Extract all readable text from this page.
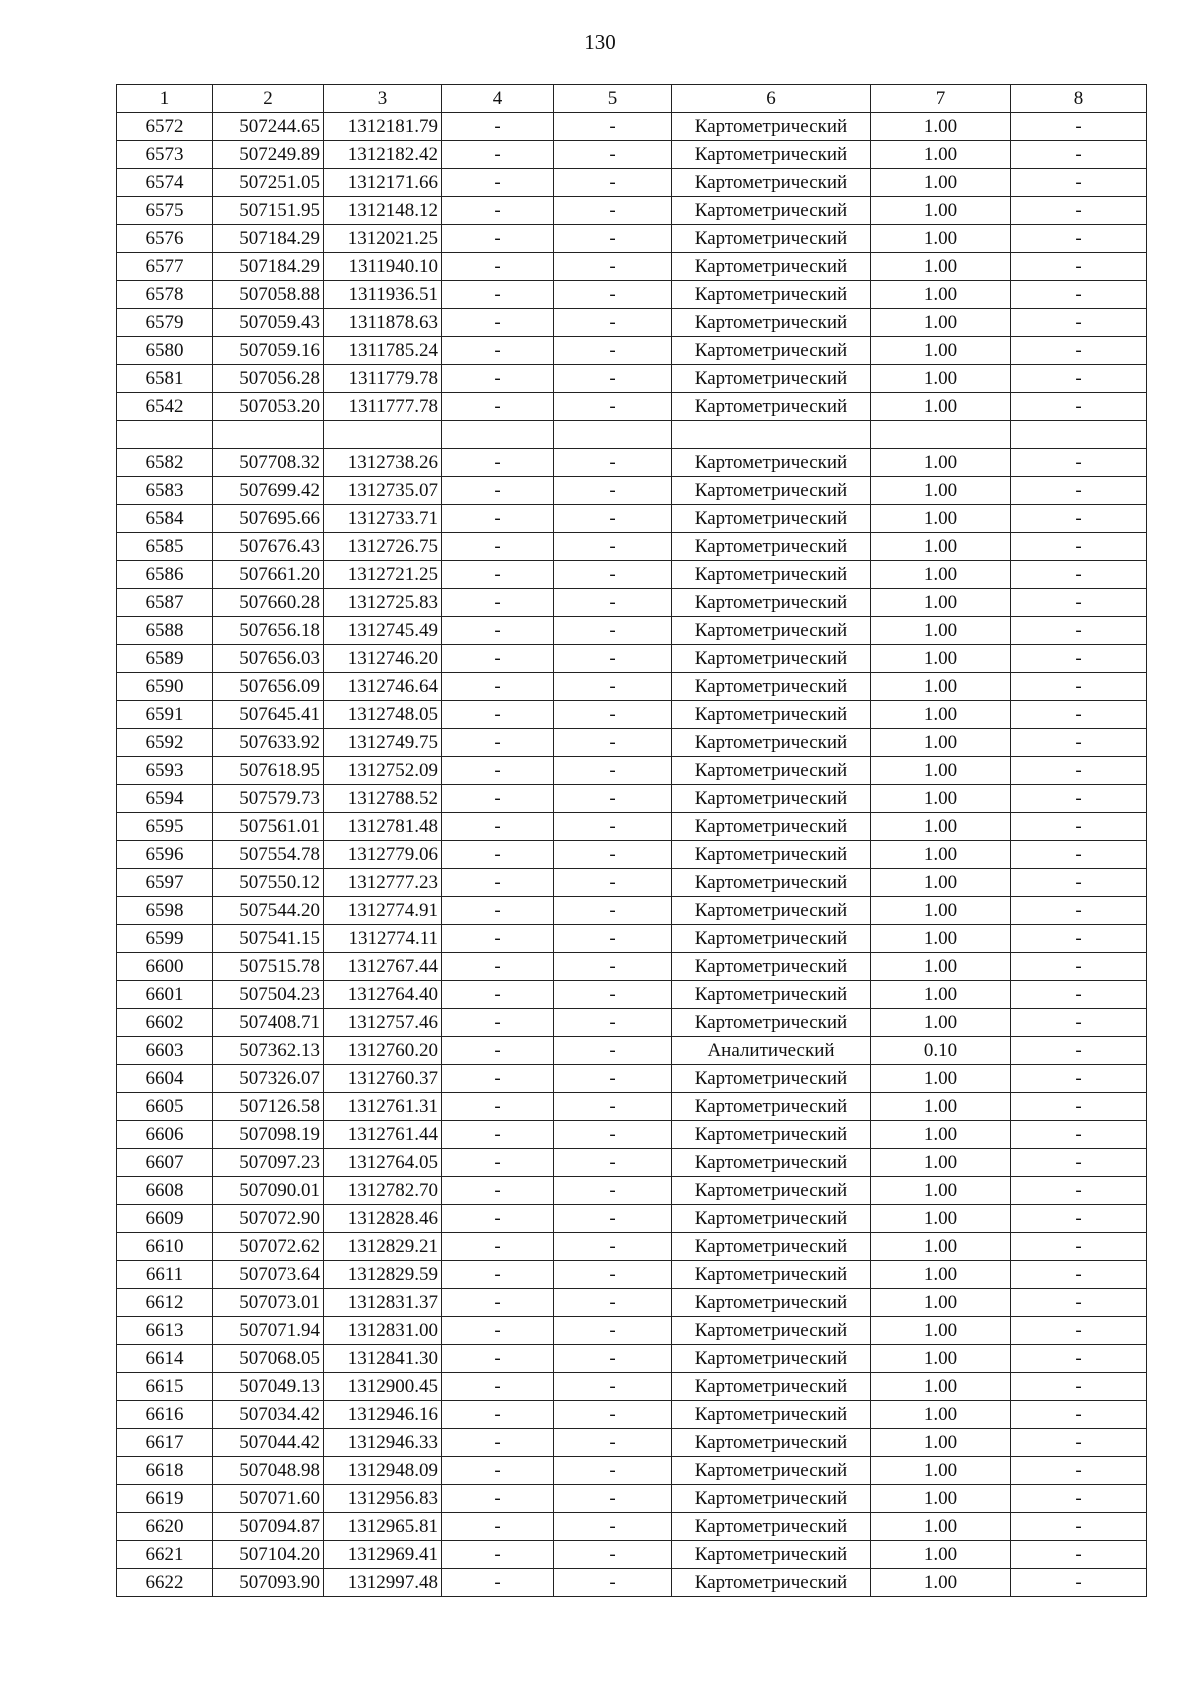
130
1	2	3	4	5	6	7	8
6572	507244.65	1312181.79	-	-	Картометрический	1.00	-
6573	507249.89	1312182.42	-	-	Картометрический	1.00	-
6574	507251.05	1312171.66	-	-	Картометрический	1.00	-
6575	507151.95	1312148.12	-	-	Картометрический	1.00	-
6576	507184.29	1312021.25	-	-	Картометрический	1.00	-
6577	507184.29	1311940.10	-	-	Картометрический	1.00	-
6578	507058.88	1311936.51	-	-	Картометрический	1.00	-
6579	507059.43	1311878.63	-	-	Картометрический	1.00	-
6580	507059.16	1311785.24	-	-	Картометрический	1.00	-
6581	507056.28	1311779.78	-	-	Картометрический	1.00	-
6542	507053.20	1311777.78	-	-	Картометрический	1.00	-

6582	507708.32	1312738.26	-	-	Картометрический	1.00	-
6583	507699.42	1312735.07	-	-	Картометрический	1.00	-
6584	507695.66	1312733.71	-	-	Картометрический	1.00	-
6585	507676.43	1312726.75	-	-	Картометрический	1.00	-
6586	507661.20	1312721.25	-	-	Картометрический	1.00	-
6587	507660.28	1312725.83	-	-	Картометрический	1.00	-
6588	507656.18	1312745.49	-	-	Картометрический	1.00	-
6589	507656.03	1312746.20	-	-	Картометрический	1.00	-
6590	507656.09	1312746.64	-	-	Картометрический	1.00	-
6591	507645.41	1312748.05	-	-	Картометрический	1.00	-
6592	507633.92	1312749.75	-	-	Картометрический	1.00	-
6593	507618.95	1312752.09	-	-	Картометрический	1.00	-
6594	507579.73	1312788.52	-	-	Картометрический	1.00	-
6595	507561.01	1312781.48	-	-	Картометрический	1.00	-
6596	507554.78	1312779.06	-	-	Картометрический	1.00	-
6597	507550.12	1312777.23	-	-	Картометрический	1.00	-
6598	507544.20	1312774.91	-	-	Картометрический	1.00	-
6599	507541.15	1312774.11	-	-	Картометрический	1.00	-
6600	507515.78	1312767.44	-	-	Картометрический	1.00	-
6601	507504.23	1312764.40	-	-	Картометрический	1.00	-
6602	507408.71	1312757.46	-	-	Картометрический	1.00	-
6603	507362.13	1312760.20	-	-	Аналитический	0.10	-
6604	507326.07	1312760.37	-	-	Картометрический	1.00	-
6605	507126.58	1312761.31	-	-	Картометрический	1.00	-
6606	507098.19	1312761.44	-	-	Картометрический	1.00	-
6607	507097.23	1312764.05	-	-	Картометрический	1.00	-
6608	507090.01	1312782.70	-	-	Картометрический	1.00	-
6609	507072.90	1312828.46	-	-	Картометрический	1.00	-
6610	507072.62	1312829.21	-	-	Картометрический	1.00	-
6611	507073.64	1312829.59	-	-	Картометрический	1.00	-
6612	507073.01	1312831.37	-	-	Картометрический	1.00	-
6613	507071.94	1312831.00	-	-	Картометрический	1.00	-
6614	507068.05	1312841.30	-	-	Картометрический	1.00	-
6615	507049.13	1312900.45	-	-	Картометрический	1.00	-
6616	507034.42	1312946.16	-	-	Картометрический	1.00	-
6617	507044.42	1312946.33	-	-	Картометрический	1.00	-
6618	507048.98	1312948.09	-	-	Картометрический	1.00	-
6619	507071.60	1312956.83	-	-	Картометрический	1.00	-
6620	507094.87	1312965.81	-	-	Картометрический	1.00	-
6621	507104.20	1312969.41	-	-	Картометрический	1.00	-
6622	507093.90	1312997.48	-	-	Картометрический	1.00	-
